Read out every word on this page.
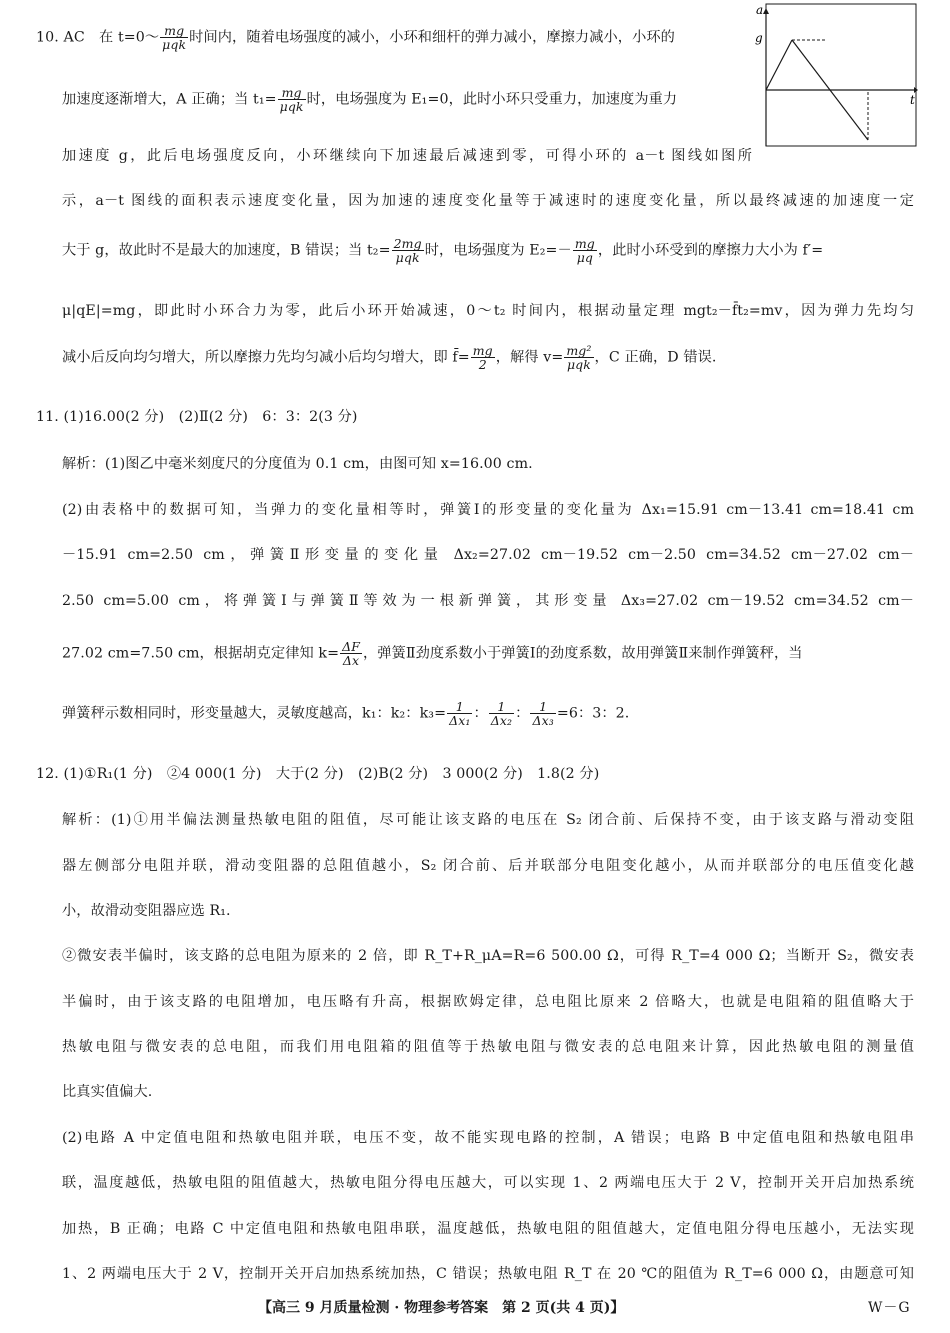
10. AC　在 t=0～ $\frac{mg}{\text{μqk}}$ 时间内，随着电场强度的减小，小环和细杆的弹力减小，摩擦力减小，小环的
加速度逐渐增大，A 正确；当 $t_1= \frac{mg}{\text{μqk}}$ 时，电场强度为 E₁=0，此时小环只受重力，加速度为重力
加速度 g，此后电场强度反向，小环继续向下加速最后减速到零，可得小环的 a－t 图线如图所
示，a－t 图线的面积表示速度变化量，因为加速的速度变化量等于减速时的速度变化量，所以最终减速的加速度一定
大于 g，故此时不是最大的加速度，B 错误；当 $t_2= \frac{2mg}{\text{μqk}}$ 时，电场强度为 $E_2=- \frac{mg}{\mu q}$ ，此时小环受到的摩擦力大小为 f′=
μ|qE|=mg，即此时小环合力为零，此后小环开始减速，0～t₂ 时间内，根据动量定理 mgt₂－f̄t₂=mv，因为弹力先均匀
减小后反向均匀增大，所以摩擦力先均匀减小后均匀增大，即 f̄= $\frac{mg}{2}$ ，解得 $v= \frac{\text{mg²}}{\text{μqk}}$ ，C 正确，D 错误.
a
t
g
11. (1)16.00(2 分)　(2)Ⅱ(2 分)　6：3：2(3 分)
解析：(1)图乙中毫米刻度尺的分度值为 0.1 cm，由图可知 x=16.00 cm.
(2)由表格中的数据可知，当弹力的变化量相等时，弹簧Ⅰ的形变量的变化量为 Δx₁=15.91 cm－13.41 cm=18.41 cm
－15.91 cm=2.50 cm，弹簧Ⅱ形变量的变化量 Δx₂=27.02 cm－19.52 cm－2.50 cm=34.52 cm－27.02 cm－
2.50 cm=5.00 cm，将弹簧Ⅰ与弹簧Ⅱ等效为一根新弹簧，其形变量 Δx₃=27.02 cm－19.52 cm=34.52 cm－
27.02 cm=7.50 cm，根据胡克定律知 $k= \frac{\Delta F}{\Delta x}$ ，弹簧Ⅱ劲度系数小于弹簧Ⅰ的劲度系数，故用弹簧Ⅱ来制作弹簧秤，当
弹簧秤示数相同时，形变量越大，灵敏度越高，k₁：k₂：$k_3= \frac{1}{\text{Δx₁}}$ ： $\frac{1}{\text{Δx₂}}$ ： $\frac{1}{\text{Δx₃}} =6$：3：2.
12. (1)①R₁(1 分)　②4 000(1 分)　大于(2 分)　(2)B(2 分)　3 000(2 分)　1.8(2 分)
解析：(1)①用半偏法测量热敏电阻的阻值，尽可能让该支路的电压在 S₂ 闭合前、后保持不变，由于该支路与滑动变阻
器左侧部分电阻并联，滑动变阻器的总阻值越小，S₂ 闭合前、后并联部分电阻变化越小，从而并联部分的电压值变化越
小，故滑动变阻器应选 R₁.
②微安表半偏时，该支路的总电阻为原来的 2 倍，即 R_T+R_μA=R=6 500.00 Ω，可得 R_T=4 000 Ω；当断开 S₂，微安表
半偏时，由于该支路的电阻增加，电压略有升高，根据欧姆定律，总电阻比原来 2 倍略大，也就是电阻箱的阻值略大于
热敏电阻与微安表的总电阻，而我们用电阻箱的阻值等于热敏电阻与微安表的总电阻来计算，因此热敏电阻的测量值
比真实值偏大.
(2)电路 A 中定值电阻和热敏电阻并联，电压不变，故不能实现电路的控制，A 错误；电路 B 中定值电阻和热敏电阻串
联，温度越低，热敏电阻的阻值越大，热敏电阻分得电压越大，可以实现 1、2 两端电压大于 2 V，控制开关开启加热系统
加热，B 正确；电路 C 中定值电阻和热敏电阻串联，温度越低，热敏电阻的阻值越大，定值电阻分得电压越小，无法实现
1、2 两端电压大于 2 V，控制开关开启加热系统加热，C 错误；热敏电阻 R_T 在 20 ℃的阻值为 R_T=6 000 Ω，由题意可知
【高三 9 月质量检测 · 物理参考答案　第 2 页(共 4 页)】	W－G
